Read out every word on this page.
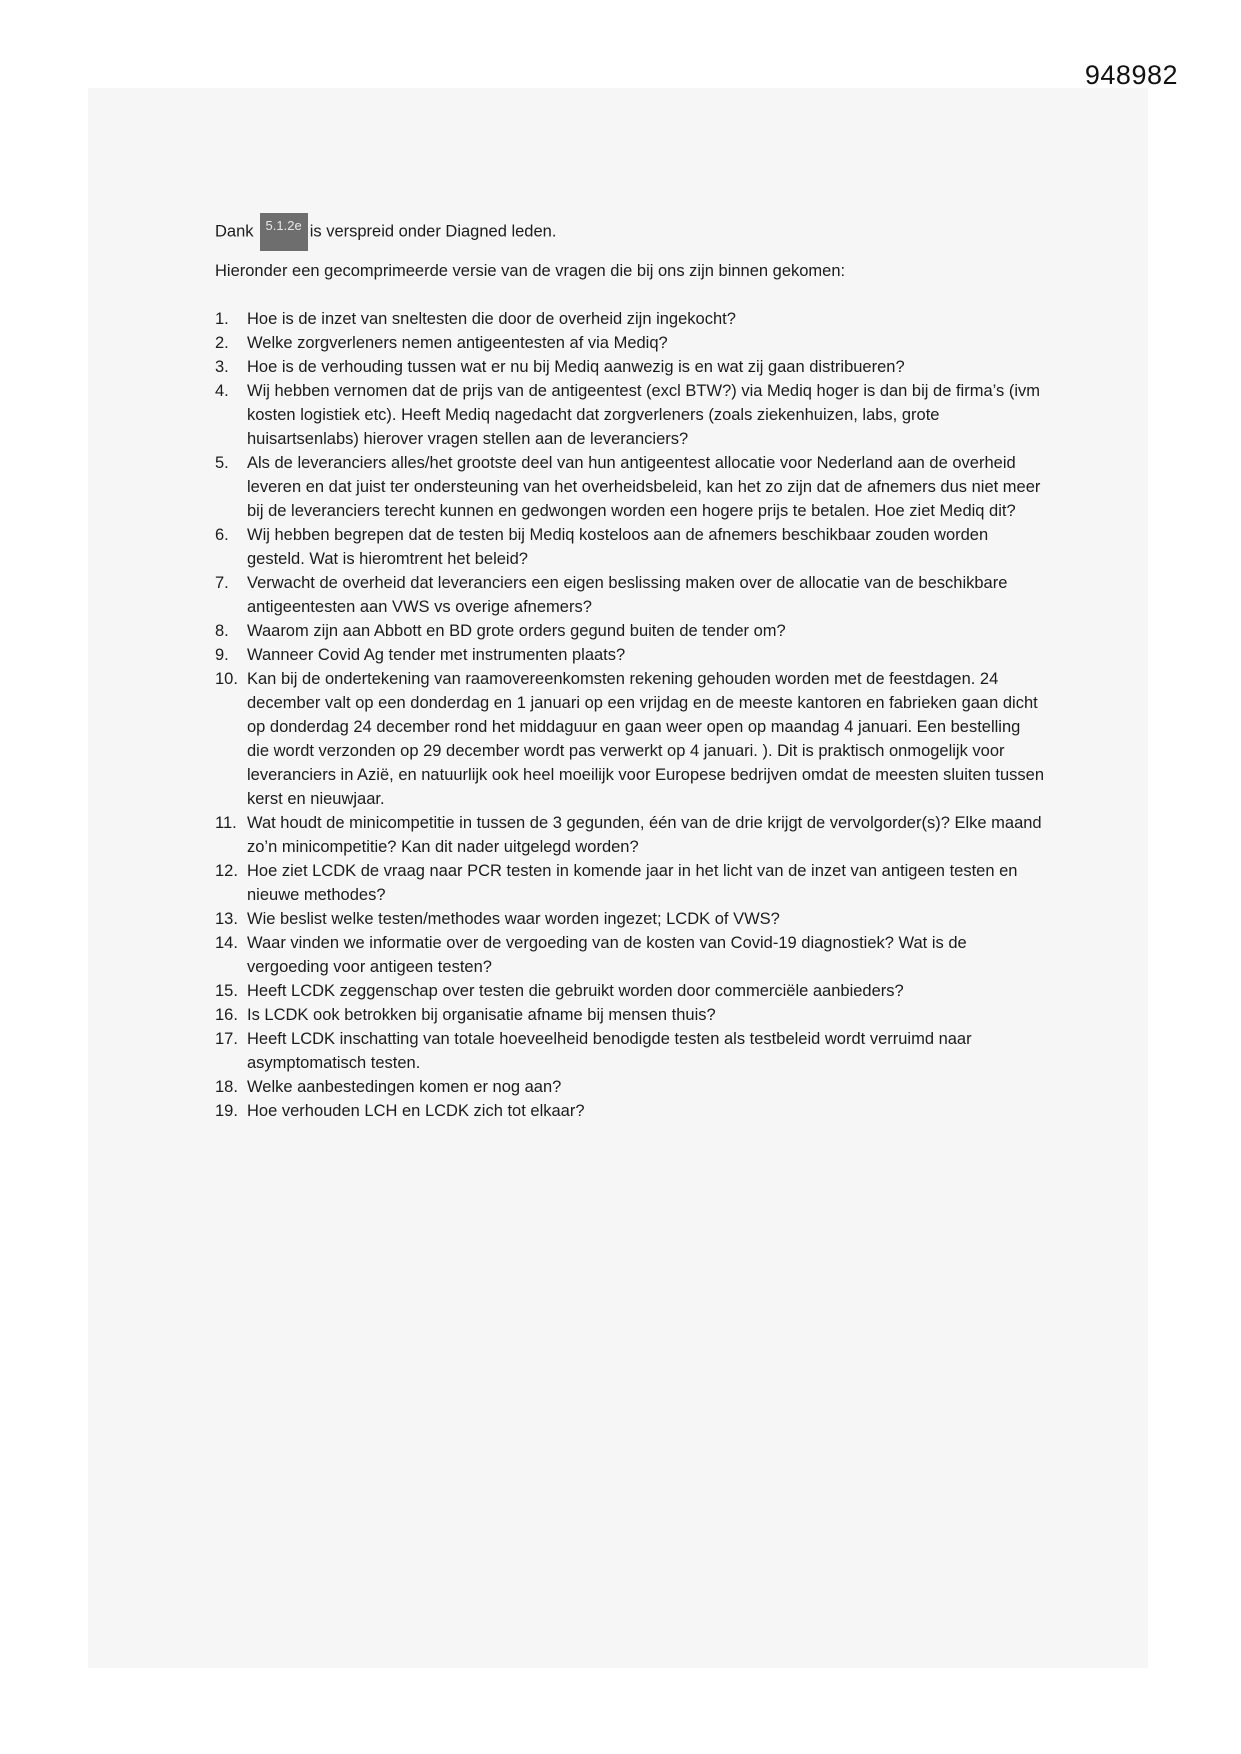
948982

Dank 5.1.2e is verspreid onder Diagned leden.

Hieronder een gecomprimeerde versie van de vragen die bij ons zijn binnen gekomen:

1.	Hoe is de inzet van sneltesten die door de overheid zijn ingekocht?
2.	Welke zorgverleners nemen antigeentesten af via Mediq?
3.	Hoe is de verhouding tussen wat er nu bij Mediq aanwezig is en wat zij gaan distribueren?
4.	Wij hebben vernomen dat de prijs van de antigeentest (excl BTW?) via Mediq hoger is dan bij de firma’s (ivm kosten logistiek etc). Heeft Mediq nagedacht dat zorgverleners (zoals ziekenhuizen, labs, grote huisartsenlabs) hierover vragen stellen aan de leveranciers?
5.	Als de leveranciers alles/het grootste deel van hun antigeentest allocatie voor Nederland aan de overheid leveren en dat juist ter ondersteuning van het overheidsbeleid, kan het zo zijn dat de afnemers dus niet meer bij de leveranciers terecht kunnen en gedwongen worden een hogere prijs te betalen. Hoe ziet Mediq dit?
6.	Wij hebben begrepen dat de testen bij Mediq kosteloos aan de afnemers beschikbaar zouden worden gesteld. Wat is hieromtrent het beleid?
7.	Verwacht de overheid dat leveranciers een eigen beslissing maken over de allocatie van de beschikbare antigeentesten aan VWS vs overige afnemers?
8.	Waarom zijn aan Abbott en BD grote orders gegund buiten de tender om?
9.	Wanneer Covid Ag tender met instrumenten plaats?
10. Kan bij de ondertekening van raamovereenkomsten rekening gehouden worden met de feestdagen. 24 december valt op een donderdag en 1 januari op een vrijdag en de meeste kantoren en fabrieken gaan dicht op donderdag 24 december rond het middaguur en gaan weer open op maandag 4 januari. Een bestelling die wordt verzonden op 29 december wordt pas verwerkt op 4 januari. ). Dit is praktisch onmogelijk voor leveranciers in Azië, en natuurlijk ook heel moeilijk voor Europese bedrijven omdat de meesten sluiten tussen kerst en nieuwjaar.
11. Wat houdt de minicompetitie in tussen de 3 gegunden, één van de drie krijgt de vervolgorder(s)? Elke maand zo’n minicompetitie? Kan dit nader uitgelegd worden?
12. Hoe ziet LCDK de vraag naar PCR testen in komende jaar in het licht van de inzet van antigeen testen en nieuwe methodes?
13. Wie beslist welke testen/methodes waar worden ingezet; LCDK of VWS?
14. Waar vinden we informatie over de vergoeding van de kosten van Covid-19 diagnostiek? Wat is de vergoeding voor antigeen testen?
15. Heeft LCDK zeggenschap over testen die gebruikt worden door commerciële aanbieders?
16. Is LCDK ook betrokken bij organisatie afname bij mensen thuis?
17. Heeft LCDK inschatting van totale hoeveelheid benodigde testen als testbeleid wordt verruimd naar asymptomatisch testen.
18. Welke aanbestedingen komen er nog aan?
19. Hoe verhouden LCH en LCDK zich tot elkaar?
